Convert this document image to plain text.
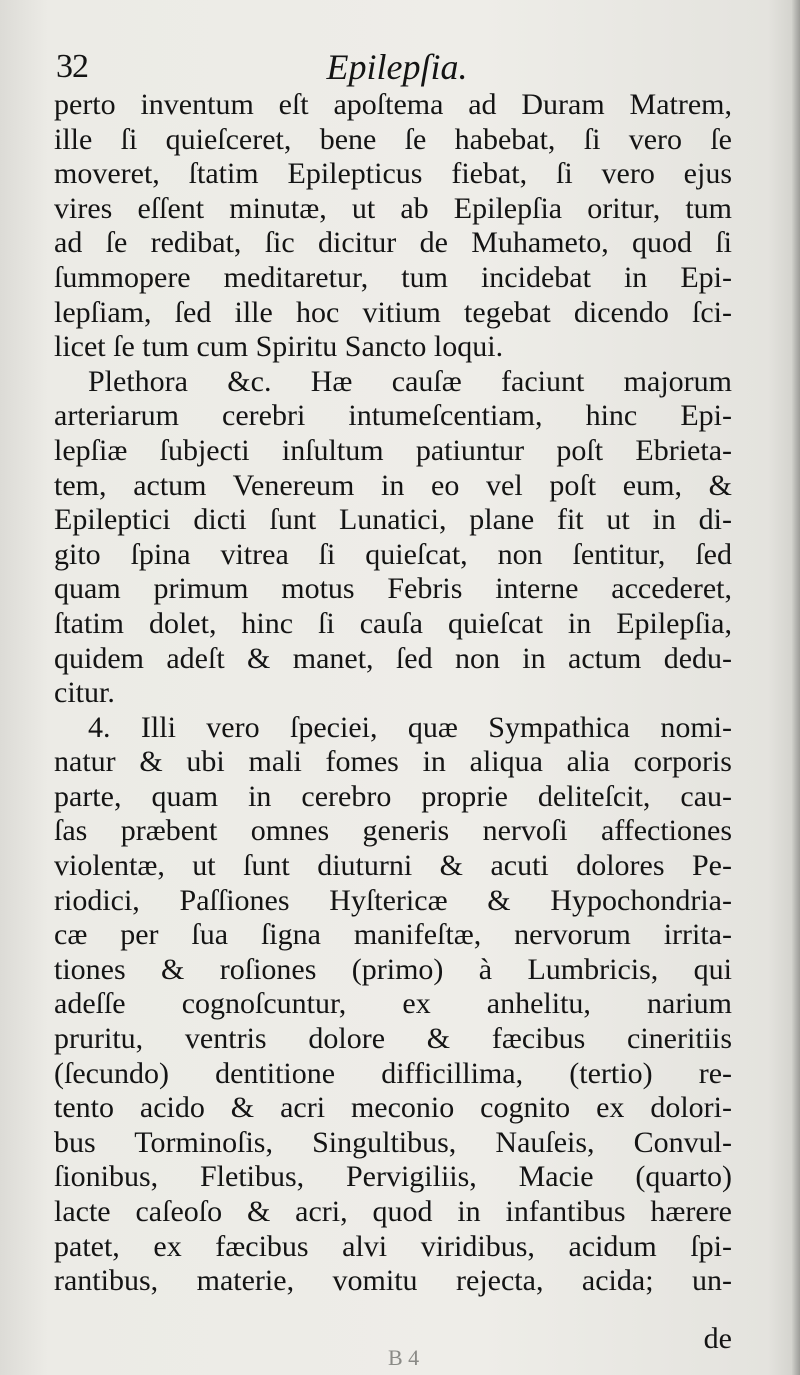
32	Epilepſia.
perto inventum eſt apoſtema ad Duram Matrem,
ille ſi quieſceret, bene ſe habebat, ſi vero ſe
moveret, ſtatim Epilepticus fiebat, ſi vero ejus
vires eſſent minutæ, ut ab Epilepſia oritur, tum
ad ſe redibat, ſic dicitur de Muhameto, quod ſi
ſummopere meditaretur, tum incidebat in Epi-
lepſiam, ſed ille hoc vitium tegebat dicendo ſci-
licet ſe tum cum Spiritu Sancto loqui.
Plethora &c. Hæ cauſæ faciunt majorum
arteriarum cerebri intumeſcentiam, hinc Epi-
lepſiæ ſubjecti inſultum patiuntur poſt Ebrieta-
tem, actum Venereum in eo vel poſt eum, &
Epileptici dicti ſunt Lunatici, plane fit ut in di-
gito ſpina vitrea ſi quieſcat, non ſentitur, ſed
quam primum motus Febris interne accederet,
ſtatim dolet, hinc ſi cauſa quieſcat in Epilepſia,
quidem adeſt & manet, ſed non in actum dedu-
citur.
4. Illi vero ſpeciei, quæ Sympathica nomi-
natur & ubi mali fomes in aliqua alia corporis
parte, quam in cerebro proprie deliteſcit, cau-
ſas præbent omnes generis nervoſi affectiones
violentæ, ut ſunt diuturni & acuti dolores Pe-
riodici, Paſſiones Hyſtericæ & Hypochondria-
cæ per ſua ſigna manifeſtæ, nervorum irrita-
tiones & roſiones (primo) à Lumbricis, qui
adeſſe cognoſcuntur, ex anhelitu, narium
pruritu, ventris dolore & fæcibus cineritiis
(ſecundo) dentitione difficillima, (tertio) re-
tento acido & acri meconio cognito ex dolori-
bus Torminoſis, Singultibus, Nauſeis, Convul-
ſionibus, Fletibus, Pervigiliis, Macie (quarto)
lacte caſeoſo & acri, quod in infantibus hærere
patet, ex fæcibus alvi viridibus, acidum ſpi-
rantibus, materie, vomitu rejecta, acida; un-
de
B 4
